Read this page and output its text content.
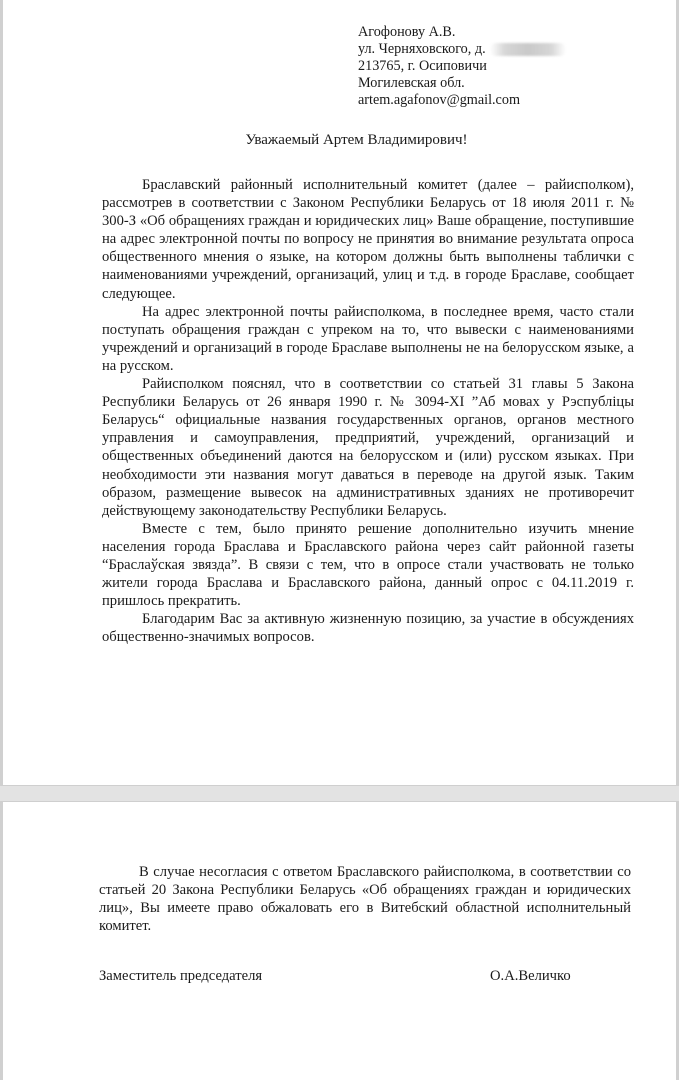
Агофонову А.В.
ул. Черняховского, д.
213765, г. Осиповичи
Могилевская обл.
artem.agafonov@gmail.com
Уважаемый Артем Владимирович!

Браславский районный исполнительный комитет (далее – райисполком), рассмотрев в соответствии с Законом Республики Беларусь от 18 июля 2011 г. № 300-З «Об обращениях граждан и юридических лиц» Ваше обращение, поступившие на адрес электронной почты по вопросу не принятия во внимание результата опроса общественного мнения о языке, на котором должны быть выполнены таблички с наименованиями учреждений, организаций, улиц и т.д. в городе Браславе, сообщает следующее.

На адрес электронной почты райисполкома, в последнее время, часто стали поступать обращения граждан с упреком на то, что вывески с наименованиями учреждений и организаций в городе Браславе выполнены не на белорусском языке, а на русском.

Райисполком пояснял, что в соответствии со статьей 31 главы 5 Закона Республики Беларусь от 26 января 1990 г. № 3094-XI ”Аб мовах у Рэспубліцы Беларусь“ официальные названия государственных органов, органов местного управления и самоуправления, предприятий, учреждений, организаций и общественных объединений даются на белорусском и (или) русском языках. При необходимости эти названия могут даваться в переводе на другой язык. Таким образом, размещение вывесок на административных зданиях не противоречит действующему законодательству Республики Беларусь.

Вместе с тем, было принято решение дополнительно изучить мнение населения города Браслава и Браславского района через сайт районной газеты “Браслаўская звязда”. В связи с тем, что в опросе стали участвовать не только жители города Браслава и Браславского района, данный опрос с 04.11.2019 г. пришлось прекратить.

Благодарим Вас за активную жизненную позицию, за участие в обсуждениях общественно-значимых вопросов.

В случае несогласия с ответом Браславского райисполкома, в соответствии со статьей 20 Закона Республики Беларусь «Об обращениях граждан и юридических лиц», Вы имеете право обжаловать его в Витебский областной исполнительный комитет.

Заместитель председателя	О.А.Величко
